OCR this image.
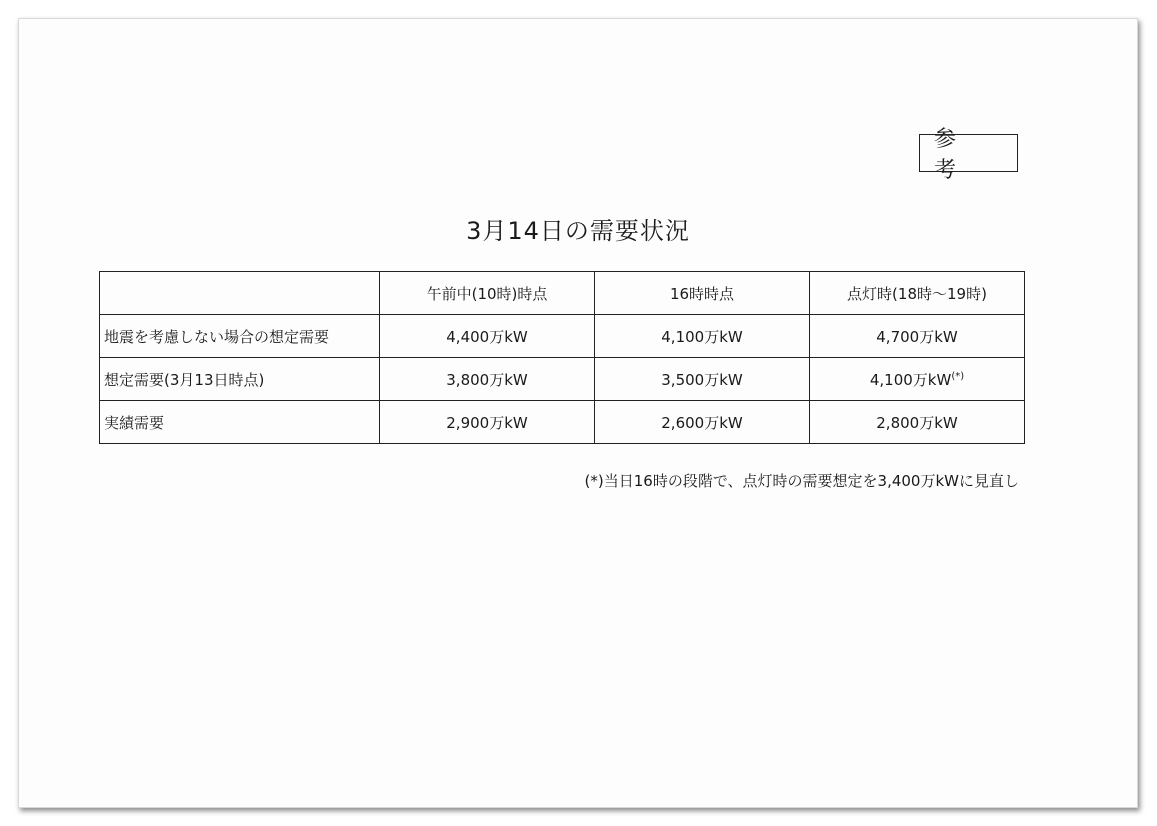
参 考
3月14日の需要状況
	午前中(10時)時点	16時時点	点灯時(18時〜19時)
地震を考慮しない場合の想定需要	4,400万kW	4,100万kW	4,700万kW
想定需要(3月13日時点)	3,800万kW	3,500万kW	4,100万kW(*)
実績需要	2,900万kW	2,600万kW	2,800万kW
(*)当日16時の段階で、点灯時の需要想定を3,400万kWに見直し
